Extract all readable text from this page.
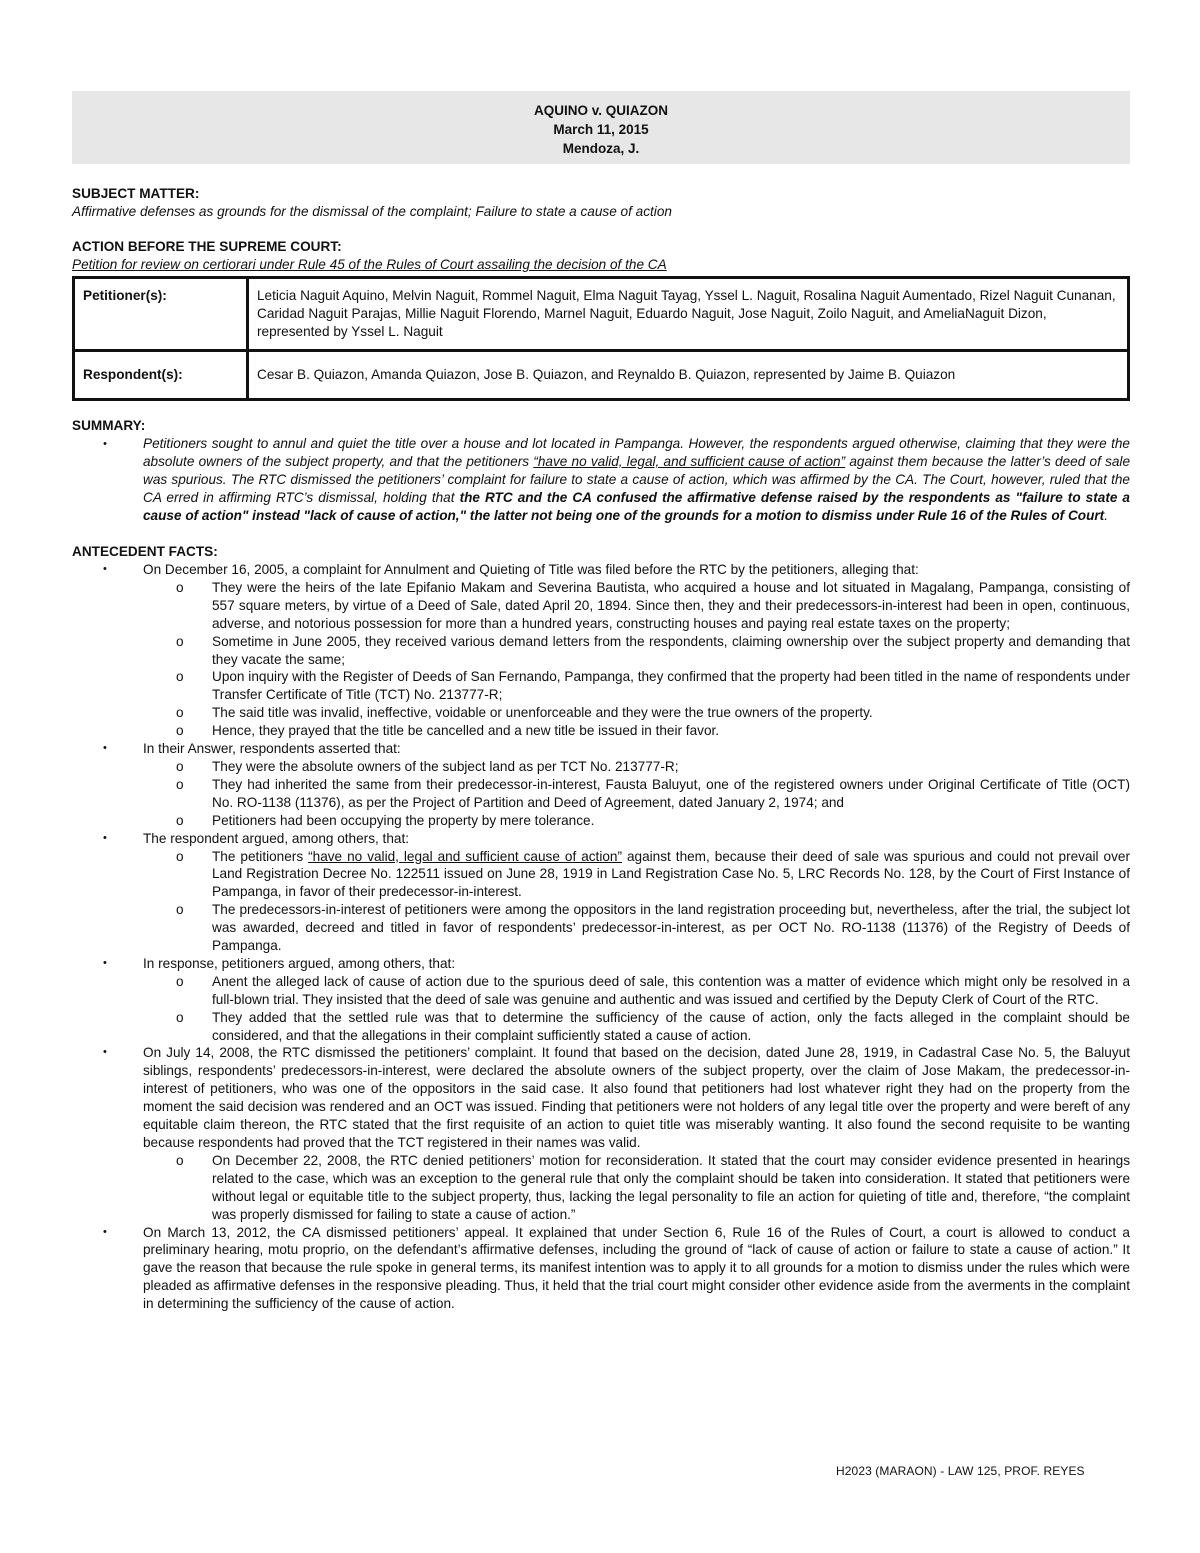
AQUINO v. QUIAZON
March 11, 2015
Mendoza, J.
SUBJECT MATTER:
Affirmative defenses as grounds for the dismissal of the complaint; Failure to state a cause of action
ACTION BEFORE THE SUPREME COURT:
Petition for review on certiorari under Rule 45 of the Rules of Court assailing the decision of the CA
Petitioner(s):	Leticia Naguit Aquino, Melvin Naguit, Rommel Naguit, Elma Naguit Tayag, Yssel L. Naguit, Rosalina Naguit Aumentado, Rizel Naguit Cunanan, Caridad Naguit Parajas, Millie Naguit Florendo, Marnel Naguit, Eduardo Naguit, Jose Naguit, Zoilo Naguit, and AmeliaNaguit Dizon, represented by Yssel L. Naguit
Respondent(s):	Cesar B. Quiazon, Amanda Quiazon, Jose B. Quiazon, and Reynaldo B. Quiazon, represented by Jaime B. Quiazon
SUMMARY:
•	Petitioners sought to annul and quiet the title over a house and lot located in Pampanga. However, the respondents argued otherwise, claiming that they were the absolute owners of the subject property, and that the petitioners “have no valid, legal, and sufficient cause of action” against them because the latter’s deed of sale was spurious. The RTC dismissed the petitioners’ complaint for failure to state a cause of action, which was affirmed by the CA. The Court, however, ruled that the CA erred in affirming RTC’s dismissal, holding that the RTC and the CA confused the affirmative defense raised by the respondents as "failure to state a cause of action" instead "lack of cause of action," the latter not being one of the grounds for a motion to dismiss under Rule 16 of the Rules of Court.
ANTECEDENT FACTS:
•	On December 16, 2005, a complaint for Annulment and Quieting of Title was filed before the RTC by the petitioners, alleging that:
o They were the heirs of the late Epifanio Makam and Severina Bautista, who acquired a house and lot situated in Magalang, Pampanga, consisting of 557 square meters, by virtue of a Deed of Sale, dated April 20, 1894. Since then, they and their predecessors-in-interest had been in open, continuous, adverse, and notorious possession for more than a hundred years, constructing houses and paying real estate taxes on the property;
o Sometime in June 2005, they received various demand letters from the respondents, claiming ownership over the subject property and demanding that they vacate the same;
o Upon inquiry with the Register of Deeds of San Fernando, Pampanga, they confirmed that the property had been titled in the name of respondents under Transfer Certificate of Title (TCT) No. 213777-R;
o The said title was invalid, ineffective, voidable or unenforceable and they were the true owners of the property.
o Hence, they prayed that the title be cancelled and a new title be issued in their favor.
•	In their Answer, respondents asserted that:
o They were the absolute owners of the subject land as per TCT No. 213777-R;
o They had inherited the same from their predecessor-in-interest, Fausta Baluyut, one of the registered owners under Original Certificate of Title (OCT) No. RO-1138 (11376), as per the Project of Partition and Deed of Agreement, dated January 2, 1974; and
o Petitioners had been occupying the property by mere tolerance.
•	The respondent argued, among others, that:
o The petitioners “have no valid, legal and sufficient cause of action” against them, because their deed of sale was spurious and could not prevail over Land Registration Decree No. 122511 issued on June 28, 1919 in Land Registration Case No. 5, LRC Records No. 128, by the Court of First Instance of Pampanga, in favor of their predecessor-in-interest.
o The predecessors-in-interest of petitioners were among the oppositors in the land registration proceeding but, nevertheless, after the trial, the subject lot was awarded, decreed and titled in favor of respondents’ predecessor-in-interest, as per OCT No. RO-1138 (11376) of the Registry of Deeds of Pampanga.
•	In response, petitioners argued, among others, that:
o Anent the alleged lack of cause of action due to the spurious deed of sale, this contention was a matter of evidence which might only be resolved in a full-blown trial. They insisted that the deed of sale was genuine and authentic and was issued and certified by the Deputy Clerk of Court of the RTC.
o They added that the settled rule was that to determine the sufficiency of the cause of action, only the facts alleged in the complaint should be considered, and that the allegations in their complaint sufficiently stated a cause of action.
•	On July 14, 2008, the RTC dismissed the petitioners’ complaint. It found that based on the decision, dated June 28, 1919, in Cadastral Case No. 5, the Baluyut siblings, respondents’ predecessors-in-interest, were declared the absolute owners of the subject property, over the claim of Jose Makam, the predecessor-in-interest of petitioners, who was one of the oppositors in the said case. It also found that petitioners had lost whatever right they had on the property from the moment the said decision was rendered and an OCT was issued. Finding that petitioners were not holders of any legal title over the property and were bereft of any equitable claim thereon, the RTC stated that the first requisite of an action to quiet title was miserably wanting. It also found the second requisite to be wanting because respondents had proved that the TCT registered in their names was valid.
o On December 22, 2008, the RTC denied petitioners’ motion for reconsideration. It stated that the court may consider evidence presented in hearings related to the case, which was an exception to the general rule that only the complaint should be taken into consideration. It stated that petitioners were without legal or equitable title to the subject property, thus, lacking the legal personality to file an action for quieting of title and, therefore, “the complaint was properly dismissed for failing to state a cause of action.”
•	On March 13, 2012, the CA dismissed petitioners’ appeal. It explained that under Section 6, Rule 16 of the Rules of Court, a court is allowed to conduct a preliminary hearing, motu proprio, on the defendant’s affirmative defenses, including the ground of “lack of cause of action or failure to state a cause of action.” It gave the reason that because the rule spoke in general terms, its manifest intention was to apply it to all grounds for a motion to dismiss under the rules which were pleaded as affirmative defenses in the responsive pleading. Thus, it held that the trial court might consider other evidence aside from the averments in the complaint in determining the sufficiency of the cause of action.
H2023 (MARAON) - LAW 125, PROF. REYES
